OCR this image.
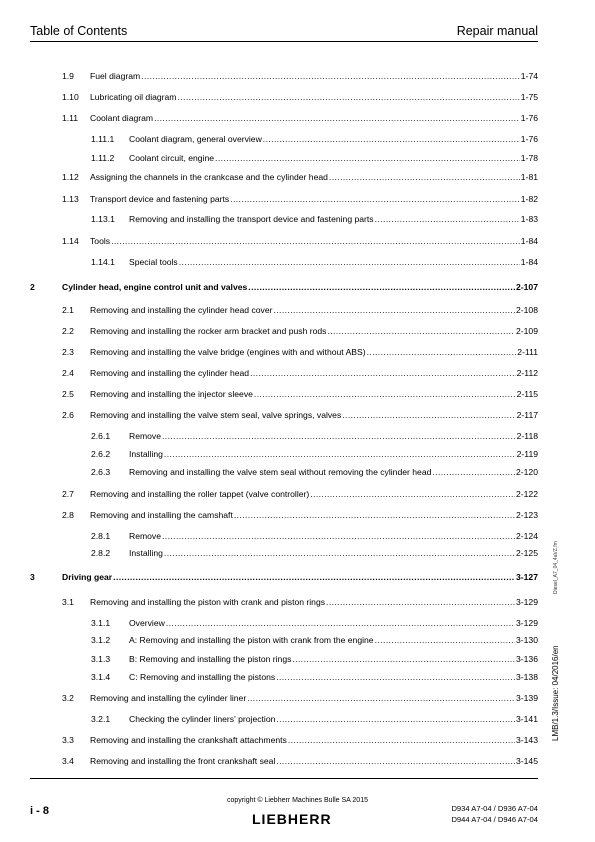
Table of Contents	Repair manual
1.9 Fuel diagram .....	1-74
1.10 Lubricating oil diagram .....	1-75
1.11 Coolant diagram .....	1-76
1.11.1 Coolant diagram, general overview .....	1-76
1.11.2 Coolant circuit, engine .....	1-78
1.12 Assigning the channels in the crankcase and the cylinder head .....	1-81
1.13 Transport device and fastening parts .....	1-82
1.13.1 Removing and installing the transport device and fastening parts .....	1-83
1.14 Tools .....	1-84
1.14.1 Special tools .....	1-84
2	Cylinder head, engine control unit and valves .....	2-107
2.1 Removing and installing the cylinder head cover .....	2-108
2.2 Removing and installing the rocker arm bracket and push rods .....	2-109
2.3 Removing and installing the valve bridge (engines with and without ABS) .....	2-111
2.4 Removing and installing the cylinder head .....	2-112
2.5 Removing and installing the injector sleeve .....	2-115
2.6 Removing and installing the valve stem seal, valve springs, valves .....	2-117
2.6.1 Remove .....	2-118
2.6.2 Installing .....	2-119
2.6.3 Removing and installing the valve stem seal without removing the cylinder head .....	2-120
2.7 Removing and installing the roller tappet (valve controller) .....	2-122
2.8 Removing and installing the camshaft .....	2-123
2.8.1 Remove .....	2-124
2.8.2 Installing .....	2-125
3	Driving gear .....	3-127
3.1 Removing and installing the piston with crank and piston rings .....	3-129
3.1.1 Overview .....	3-129
3.1.2 A: Removing and installing the piston with crank from the engine .....	3-130
3.1.3 B: Removing and installing the piston rings .....	3-136
3.1.4 C: Removing and installing the pistons .....	3-138
3.2 Removing and installing the cylinder liner .....	3-139
3.2.1 Checking the cylinder liners' projection .....	3-141
3.3 Removing and installing the crankshaft attachments .....	3-143
3.4 Removing and installing the front crankshaft seal .....	3-145
i - 8
copyright © Liebherr Machines Bulle SA 2015
LIEBHERR
D934 A7-04 / D936 A7-04
D944 A7-04 / D946 A7-04
Diesel_A7_04_4aVZ.fm
LMB/1.3/Issue: 04/2016/en
